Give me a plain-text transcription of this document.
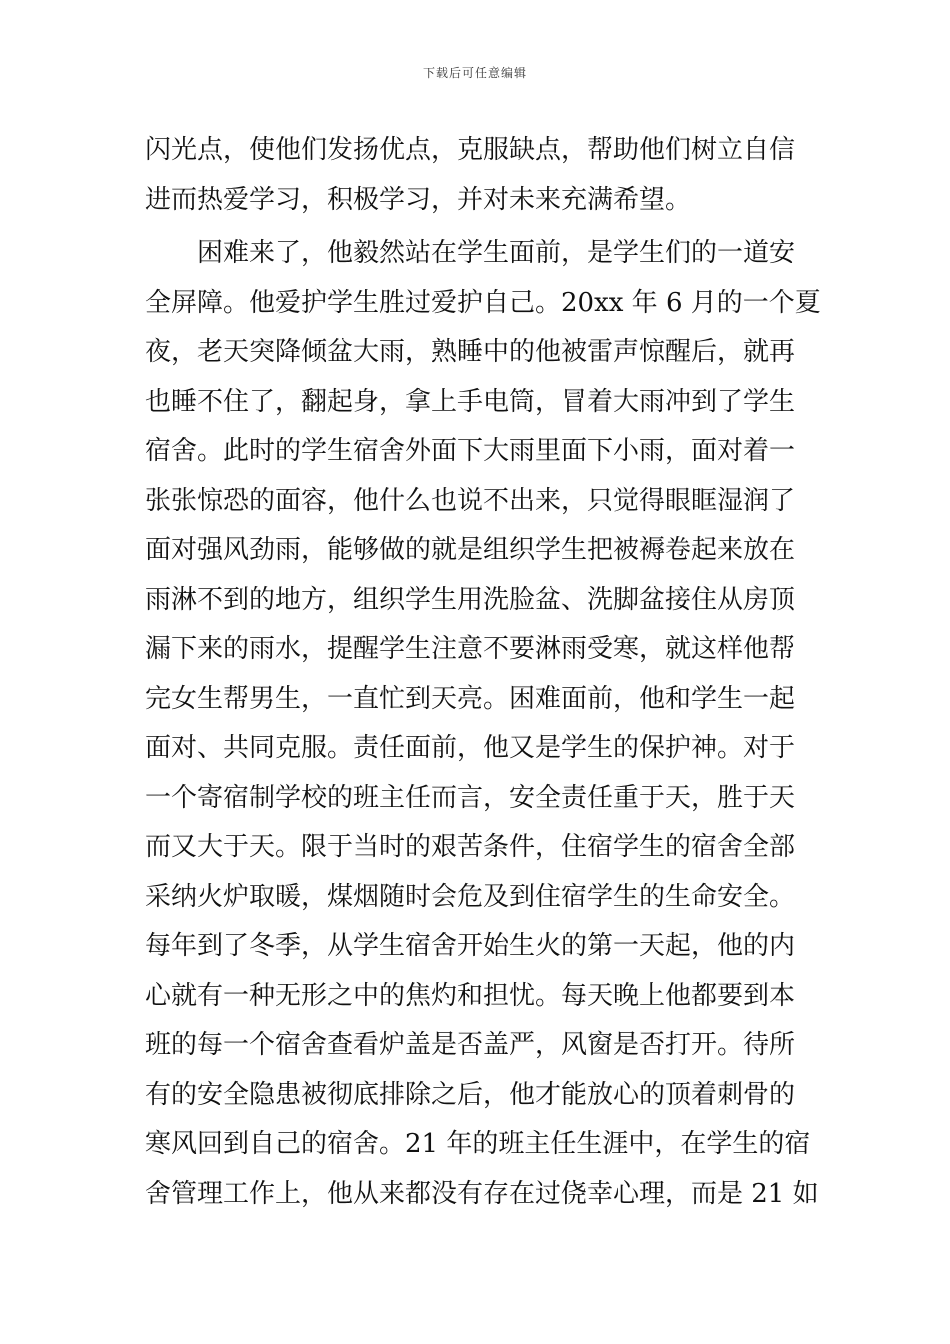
下载后可任意编辑
闪光点，使他们发扬优点，克服缺点，帮助他们树立自信
进而热爱学习，积极学习，并对未来充满希望。
困难来了，他毅然站在学生面前，是学生们的一道安
全屏障。他爱护学生胜过爱护自己。20xx 年 6 月的一个夏
夜，老天突降倾盆大雨，熟睡中的他被雷声惊醒后，就再
也睡不住了，翻起身，拿上手电筒，冒着大雨冲到了学生
宿舍。此时的学生宿舍外面下大雨里面下小雨，面对着一
张张惊恐的面容，他什么也说不出来，只觉得眼眶湿润了
面对强风劲雨，能够做的就是组织学生把被褥卷起来放在
雨淋不到的地方，组织学生用洗脸盆、洗脚盆接住从房顶
漏下来的雨水，提醒学生注意不要淋雨受寒，就这样他帮
完女生帮男生，一直忙到天亮。困难面前，他和学生一起
面对、共同克服。责任面前，他又是学生的保护神。对于
一个寄宿制学校的班主任而言，安全责任重于天，胜于天
而又大于天。限于当时的艰苦条件，住宿学生的宿舍全部
采纳火炉取暖，煤烟随时会危及到住宿学生的生命安全。
每年到了冬季，从学生宿舍开始生火的第一天起，他的内
心就有一种无形之中的焦灼和担忧。每天晚上他都要到本
班的每一个宿舍查看炉盖是否盖严，风窗是否打开。待所
有的安全隐患被彻底排除之后，他才能放心的顶着刺骨的
寒风回到自己的宿舍。21 年的班主任生涯中，在学生的宿
舍管理工作上，他从来都没有存在过侥幸心理，而是 21 如
